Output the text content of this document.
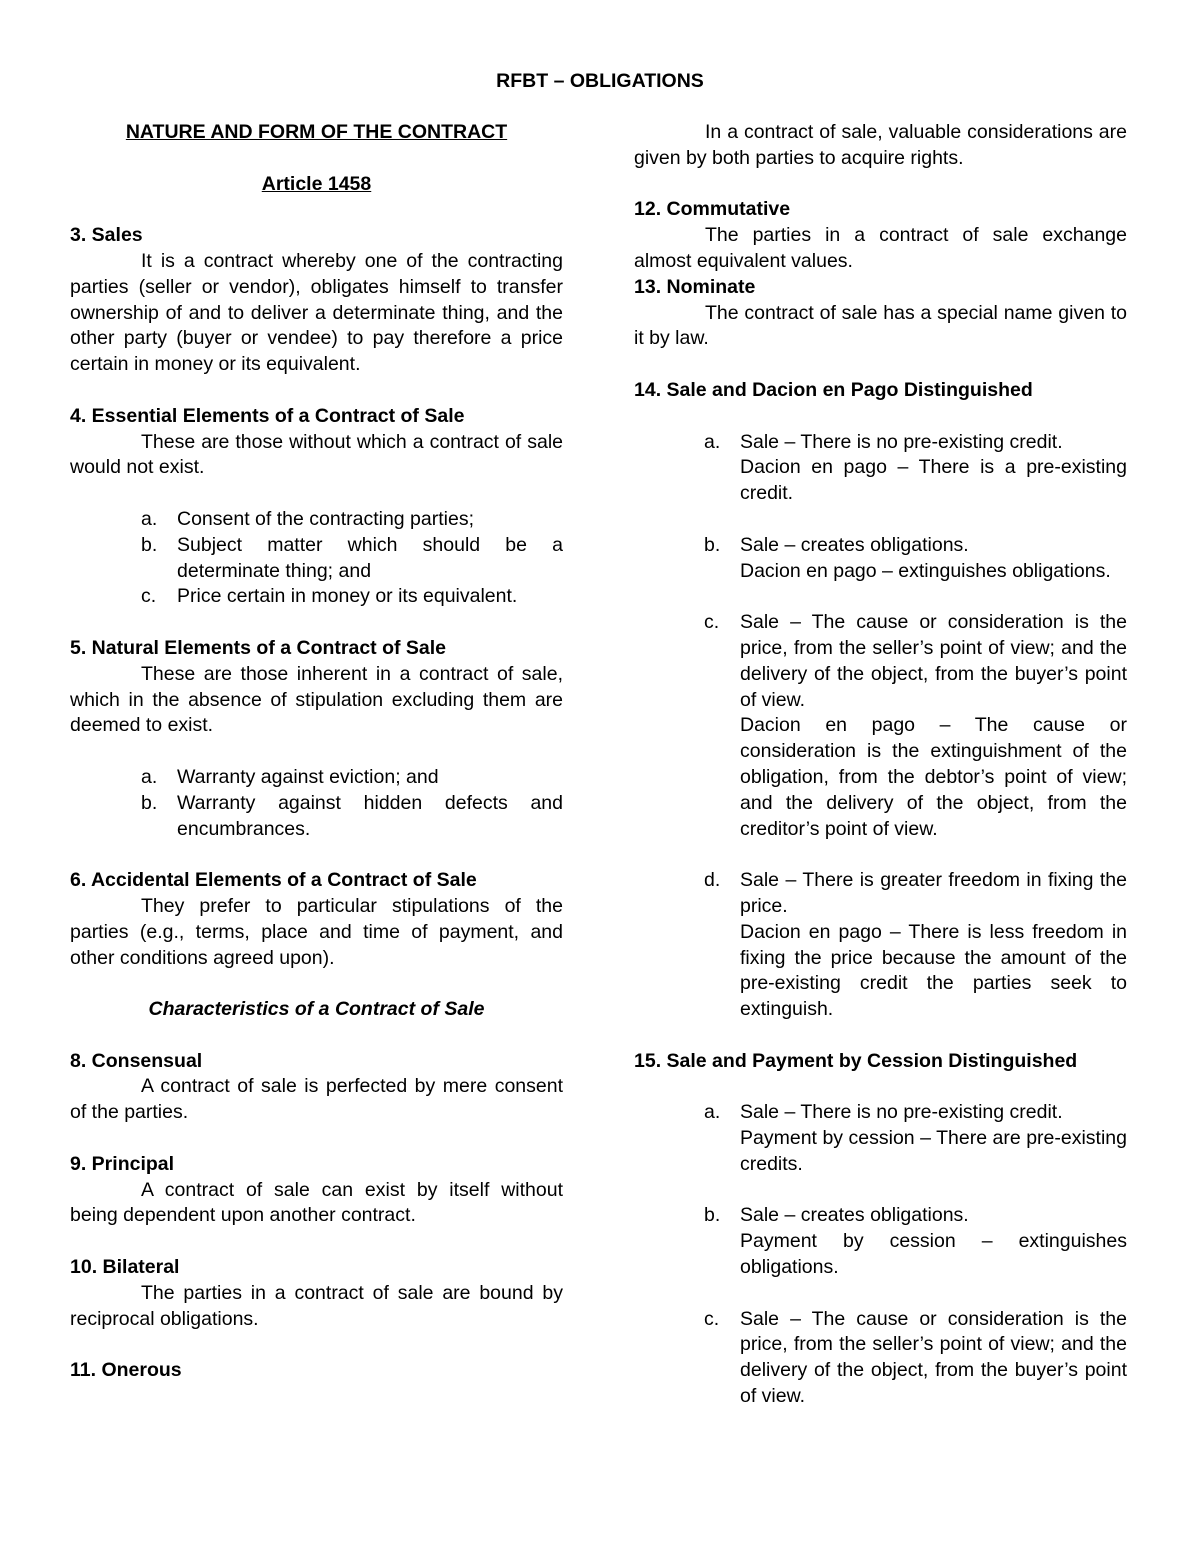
RFBT – OBLIGATIONS

NATURE AND FORM OF THE CONTRACT

Article 1458

3. Sales

It is a contract whereby one of the contracting parties (seller or vendor), obligates himself to transfer ownership of and to deliver a determinate thing, and the other party (buyer or vendee) to pay therefore a price certain in money or its equivalent.

4. Essential Elements of a Contract of Sale

These are those without which a contract of sale would not exist.

a.	Consent of the contracting parties;
b.	Subject matter which should be a determinate thing; and
c.	Price certain in money or its equivalent.

5. Natural Elements of a Contract of Sale

These are those inherent in a contract of sale, which in the absence of stipulation excluding them are deemed to exist.

a.	Warranty against eviction; and
b.	Warranty against hidden defects and encumbrances.

6. Accidental Elements of a Contract of Sale

They prefer to particular stipulations of the parties (e.g., terms, place and time of payment, and other conditions agreed upon).

Characteristics of a Contract of Sale

8. Consensual

A contract of sale is perfected by mere consent of the parties.

9. Principal

A contract of sale can exist by itself without being dependent upon another contract.

10. Bilateral

The parties in a contract of sale are bound by reciprocal obligations.

11. Onerous

In a contract of sale, valuable considerations are given by both parties to acquire rights.

12. Commutative

The parties in a contract of sale exchange almost equivalent values.

13. Nominate

The contract of sale has a special name given to it by law.

14. Sale and Dacion en Pago Distinguished

a.	Sale – There is no pre-existing credit.

Dacion en pago – There is a pre-existing credit.

b.	Sale – creates obligations.

Dacion en pago – extinguishes obligations.

c.	Sale – The cause or consideration is the price, from the seller’s point of view; and the delivery of the object, from the buyer’s point of view.

Dacion en pago – The cause or consideration is the extinguishment of the obligation, from the debtor’s point of view; and the delivery of the object, from the creditor’s point of view.

d.	Sale – There is greater freedom in fixing the price.

Dacion en pago – There is less freedom in fixing the price because the amount of the pre-existing credit the parties seek to extinguish.

15. Sale and Payment by Cession Distinguished

a.	Sale – There is no pre-existing credit.

Payment by cession – There are pre-existing credits.

b.	Sale – creates obligations.

Payment by cession – extinguishes obligations.

c.	Sale – The cause or consideration is the price, from the seller’s point of view; and the delivery of the object, from the buyer’s point of view.
